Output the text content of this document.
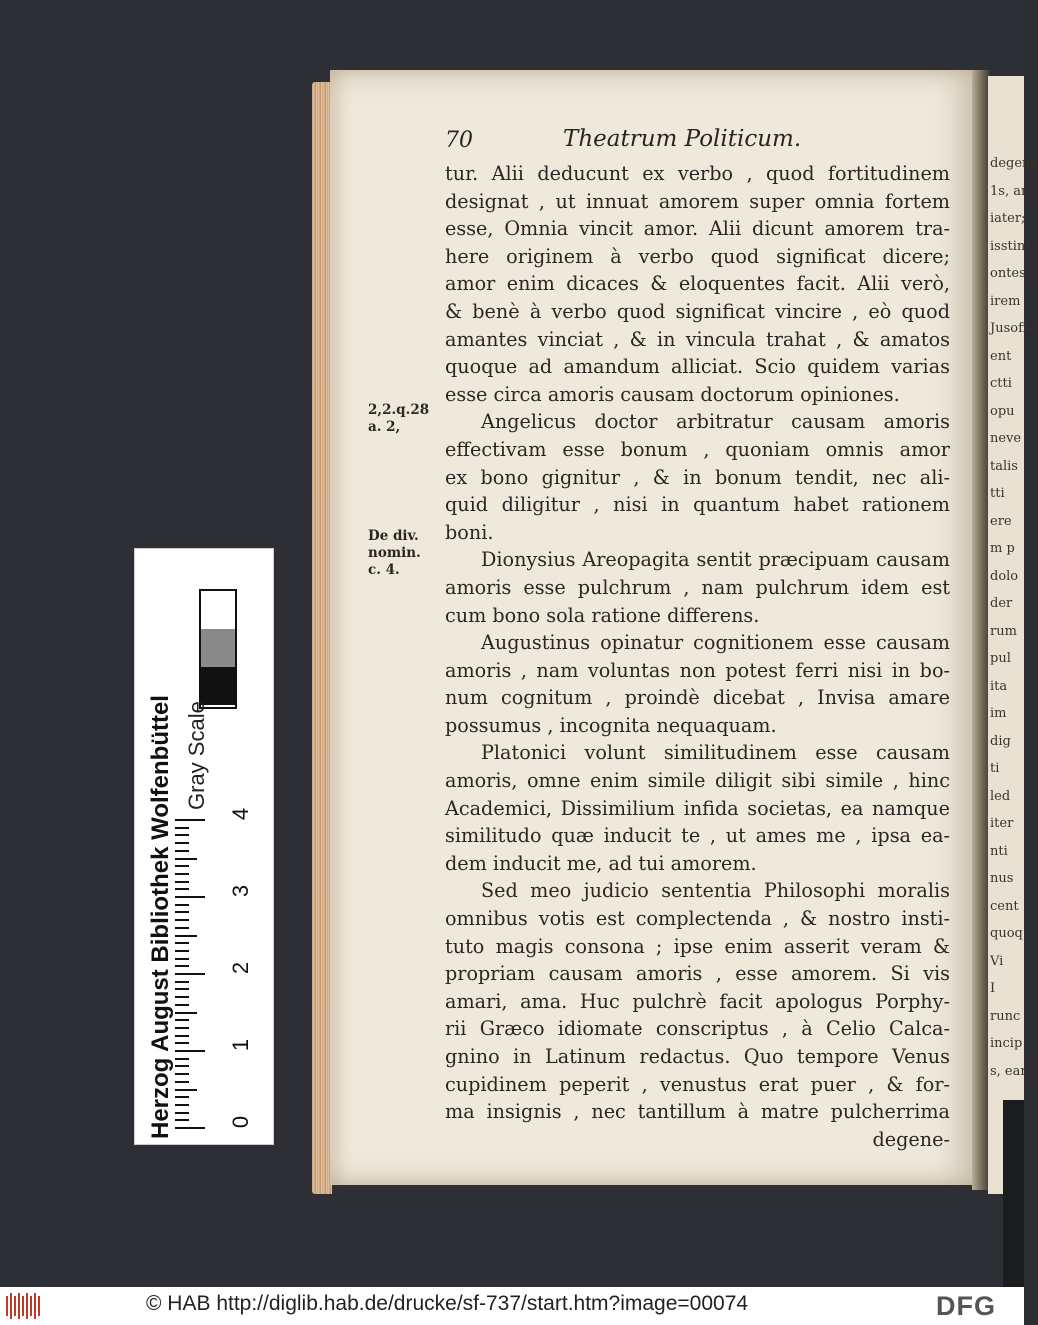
degene
1s, ar
iater;
isstint
ontes
irem
Jusoff-
ent
ctti
opu
neve
talis
tti
ere
m p
dolo
der
rum
pul
ita
im
dig
ti
led
iter
nti
nus
cent
quoq
Vi
I
runc
incip
s, ean
70	Theatrum Politicum.
tur. Alii deducunt ex verbo , quod fortitudinem
designat , ut innuat amorem super omnia fortem
esse, Omnia vincit amor. Alii dicunt amorem tra-
here originem à verbo quod significat dicere;
amor enim dicaces & eloquentes facit. Alii verò,
& benè à verbo quod significat vincire , eò quod
amantes vinciat , & in vincula trahat , & amatos
quoque ad amandum alliciat. Scio quidem varias
esse circa amoris causam doctorum opiniones.
Angelicus doctor arbitratur causam amoris
effectivam esse bonum , quoniam omnis amor
ex bono gignitur , & in bonum tendit, nec ali-
quid diligitur , nisi in quantum habet rationem
boni.
Dionysius Areopagita sentit præcipuam causam
amoris esse pulchrum , nam pulchrum idem est
cum bono sola ratione differens.
Augustinus opinatur cognitionem esse causam
amoris , nam voluntas non potest ferri nisi in bo-
num cognitum , proindè dicebat , Invisa amare
possumus , incognita nequaquam.
Platonici volunt similitudinem esse causam
amoris, omne enim simile diligit sibi simile , hinc
Academici, Dissimilium infida societas, ea namque
similitudo quæ inducit te , ut ames me , ipsa ea-
dem inducit me, ad tui amorem.
Sed meo judicio sententia Philosophi moralis
omnibus votis est complectenda , & nostro insti-
tuto magis consona ; ipse enim asserit veram &
propriam causam amoris , esse amorem. Si vis
amari, ama. Huc pulchrè facit apologus Porphy-
rii Græco idiomate conscriptus , à Celio Calca-
gnino in Latinum redactus. Quo tempore Venus
cupidinem peperit , venustus erat puer , & for-
ma insignis , nec tantillum à matre pulcherrima
degene-
2,2.q.28
a. 2,
De div.
nomin.
c. 4.
Herzog August Bibliothek Wolfenbüttel	0
1
2
3
4
Gray Scale
© HAB http://diglib.hab.de/drucke/sf-737/start.htm?image=00074	DFG
